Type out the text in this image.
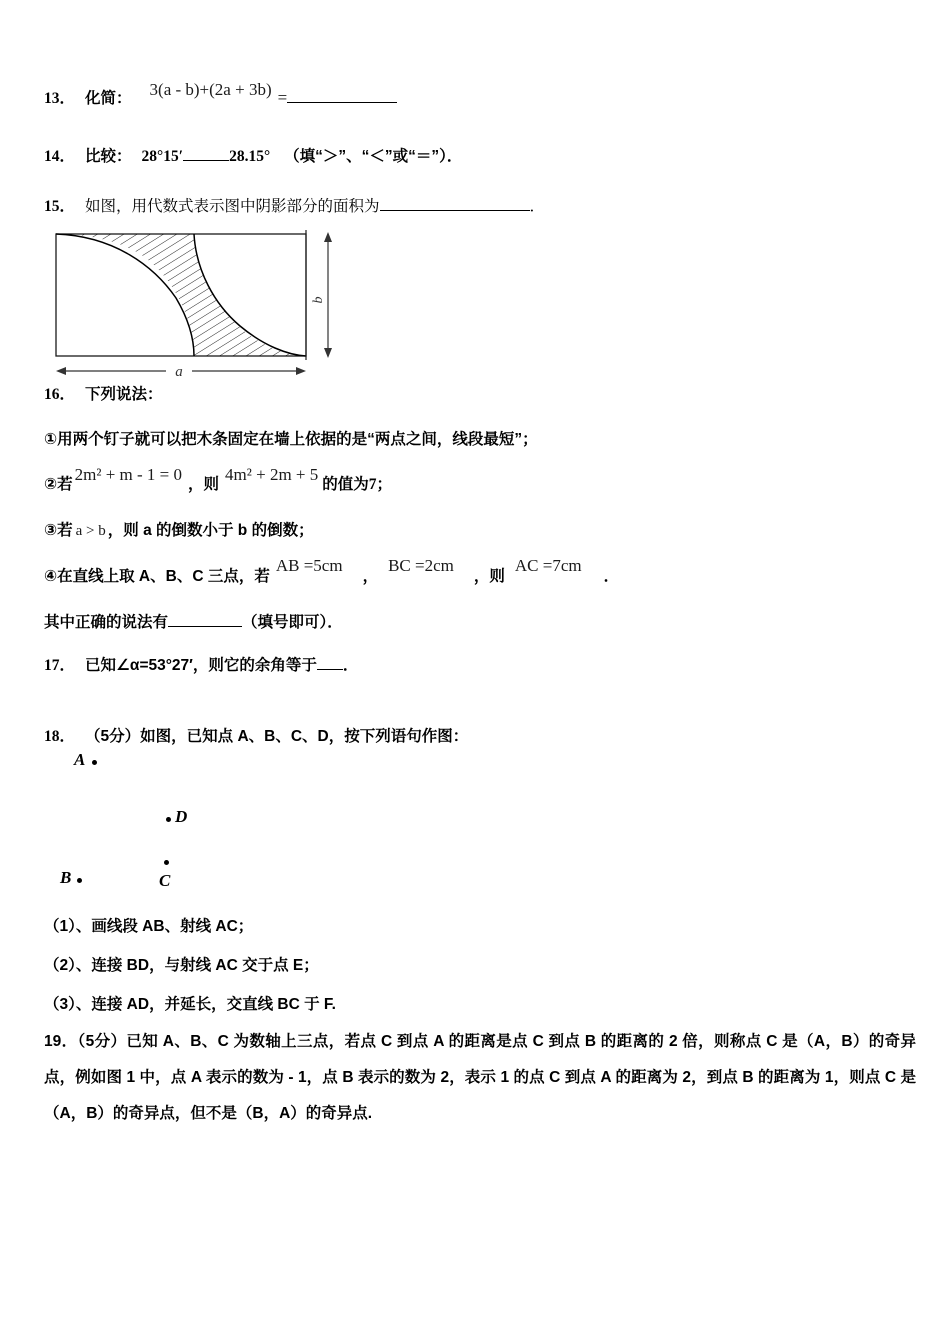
13． 化简： 3(a - b)+(2a + 3b) =
14． 比较： 28°15′	28.15° （填“＞”、“＜”或“＝”）．
15． 如图，用代数式表示图中阴影部分的面积为	．
b
a
16． 下列说法：
①用两个钉子就可以把木条固定在墙上依据的是“两点之间，线段最短”；
②若2m² + m - 1 = 0，则4m² + 2m + 5的值为7；
③若 a > b ，则 a 的倒数小于 b 的倒数；
④在直线上取 A、B、C 三点，若AB =5cm，BC =2cm，则AC =7cm．
其中正确的说法有	（填号即可）．
17． 已知∠α=53°27′，则它的余角等于 ．
18． （5分）如图，已知点 A、B、C、D，按下列语句作图：
A
D
B	C
（1）、画线段 AB、射线 AC；
（2）、连接 BD，与射线 AC 交于点 E；
（3）、连接 AD，并延长，交直线 BC 于 F.
19．（5分）已知 A、B、C 为数轴上三点，若点 C 到点 A 的距离是点 C 到点 B 的距离的 2 倍，则称点 C 是（A，B）的奇异点，例如图 1 中，点 A 表示的数为 - 1，点 B 表示的数为 2，表示 1 的点 C 到点 A 的距离为 2，到点 B 的距离为 1，则点 C 是（A，B）的奇异点，但不是（B，A）的奇异点.
